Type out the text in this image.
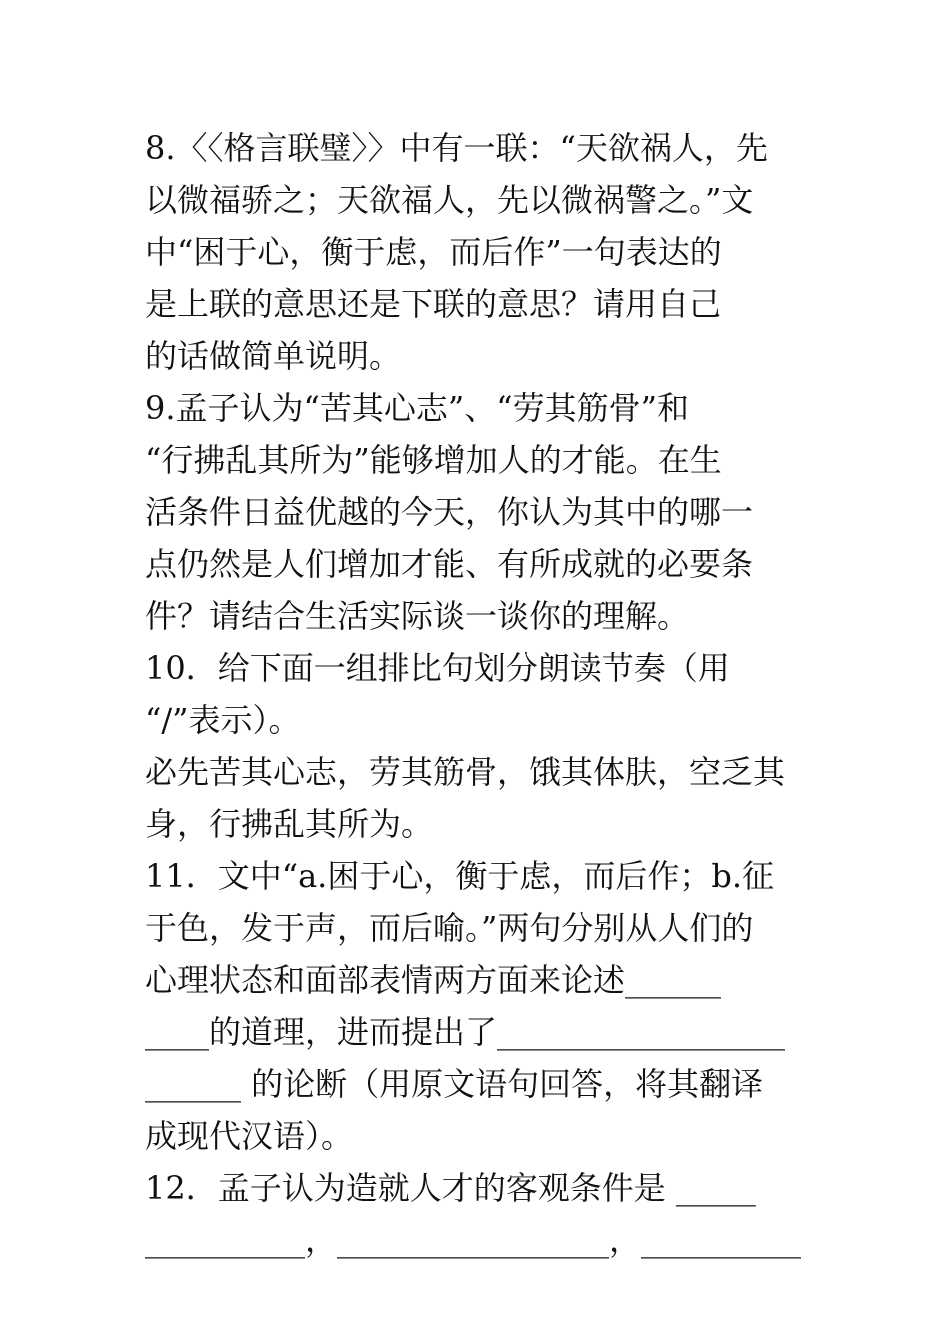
8.〈〈格言联璧〉〉中有一联：“天欲祸人，先
以微福骄之；天欲福人，先以微祸警之。”文
中“困于心，衡于虑，而后作”一句表达的
是上联的意思还是下联的意思？请用自己
的话做简单说明。
9.孟子认为“苦其心志”、“劳其筋骨”和
“行拂乱其所为”能够增加人的才能。在生
活条件日益优越的今天，你认为其中的哪一
点仍然是人们增加才能、有所成就的必要条
件？请结合生活实际谈一谈你的理解。
10．给下面一组排比句划分朗读节奏（用
“/”表示）。
必先苦其心志，劳其筋骨，饿其体肤，空乏其
身，行拂乱其所为。
11．文中“a.困于心，衡于虑，而后作；b.征
于色，发于声，而后喻。”两句分别从人们的
心理状态和面部表情两方面来论述______
____的道理，进而提出了__________________
______ 的论断（用原文语句回答，将其翻译
成现代汉语）。
12．孟子认为造就人才的客观条件是 _____
__________，_________________，__________
